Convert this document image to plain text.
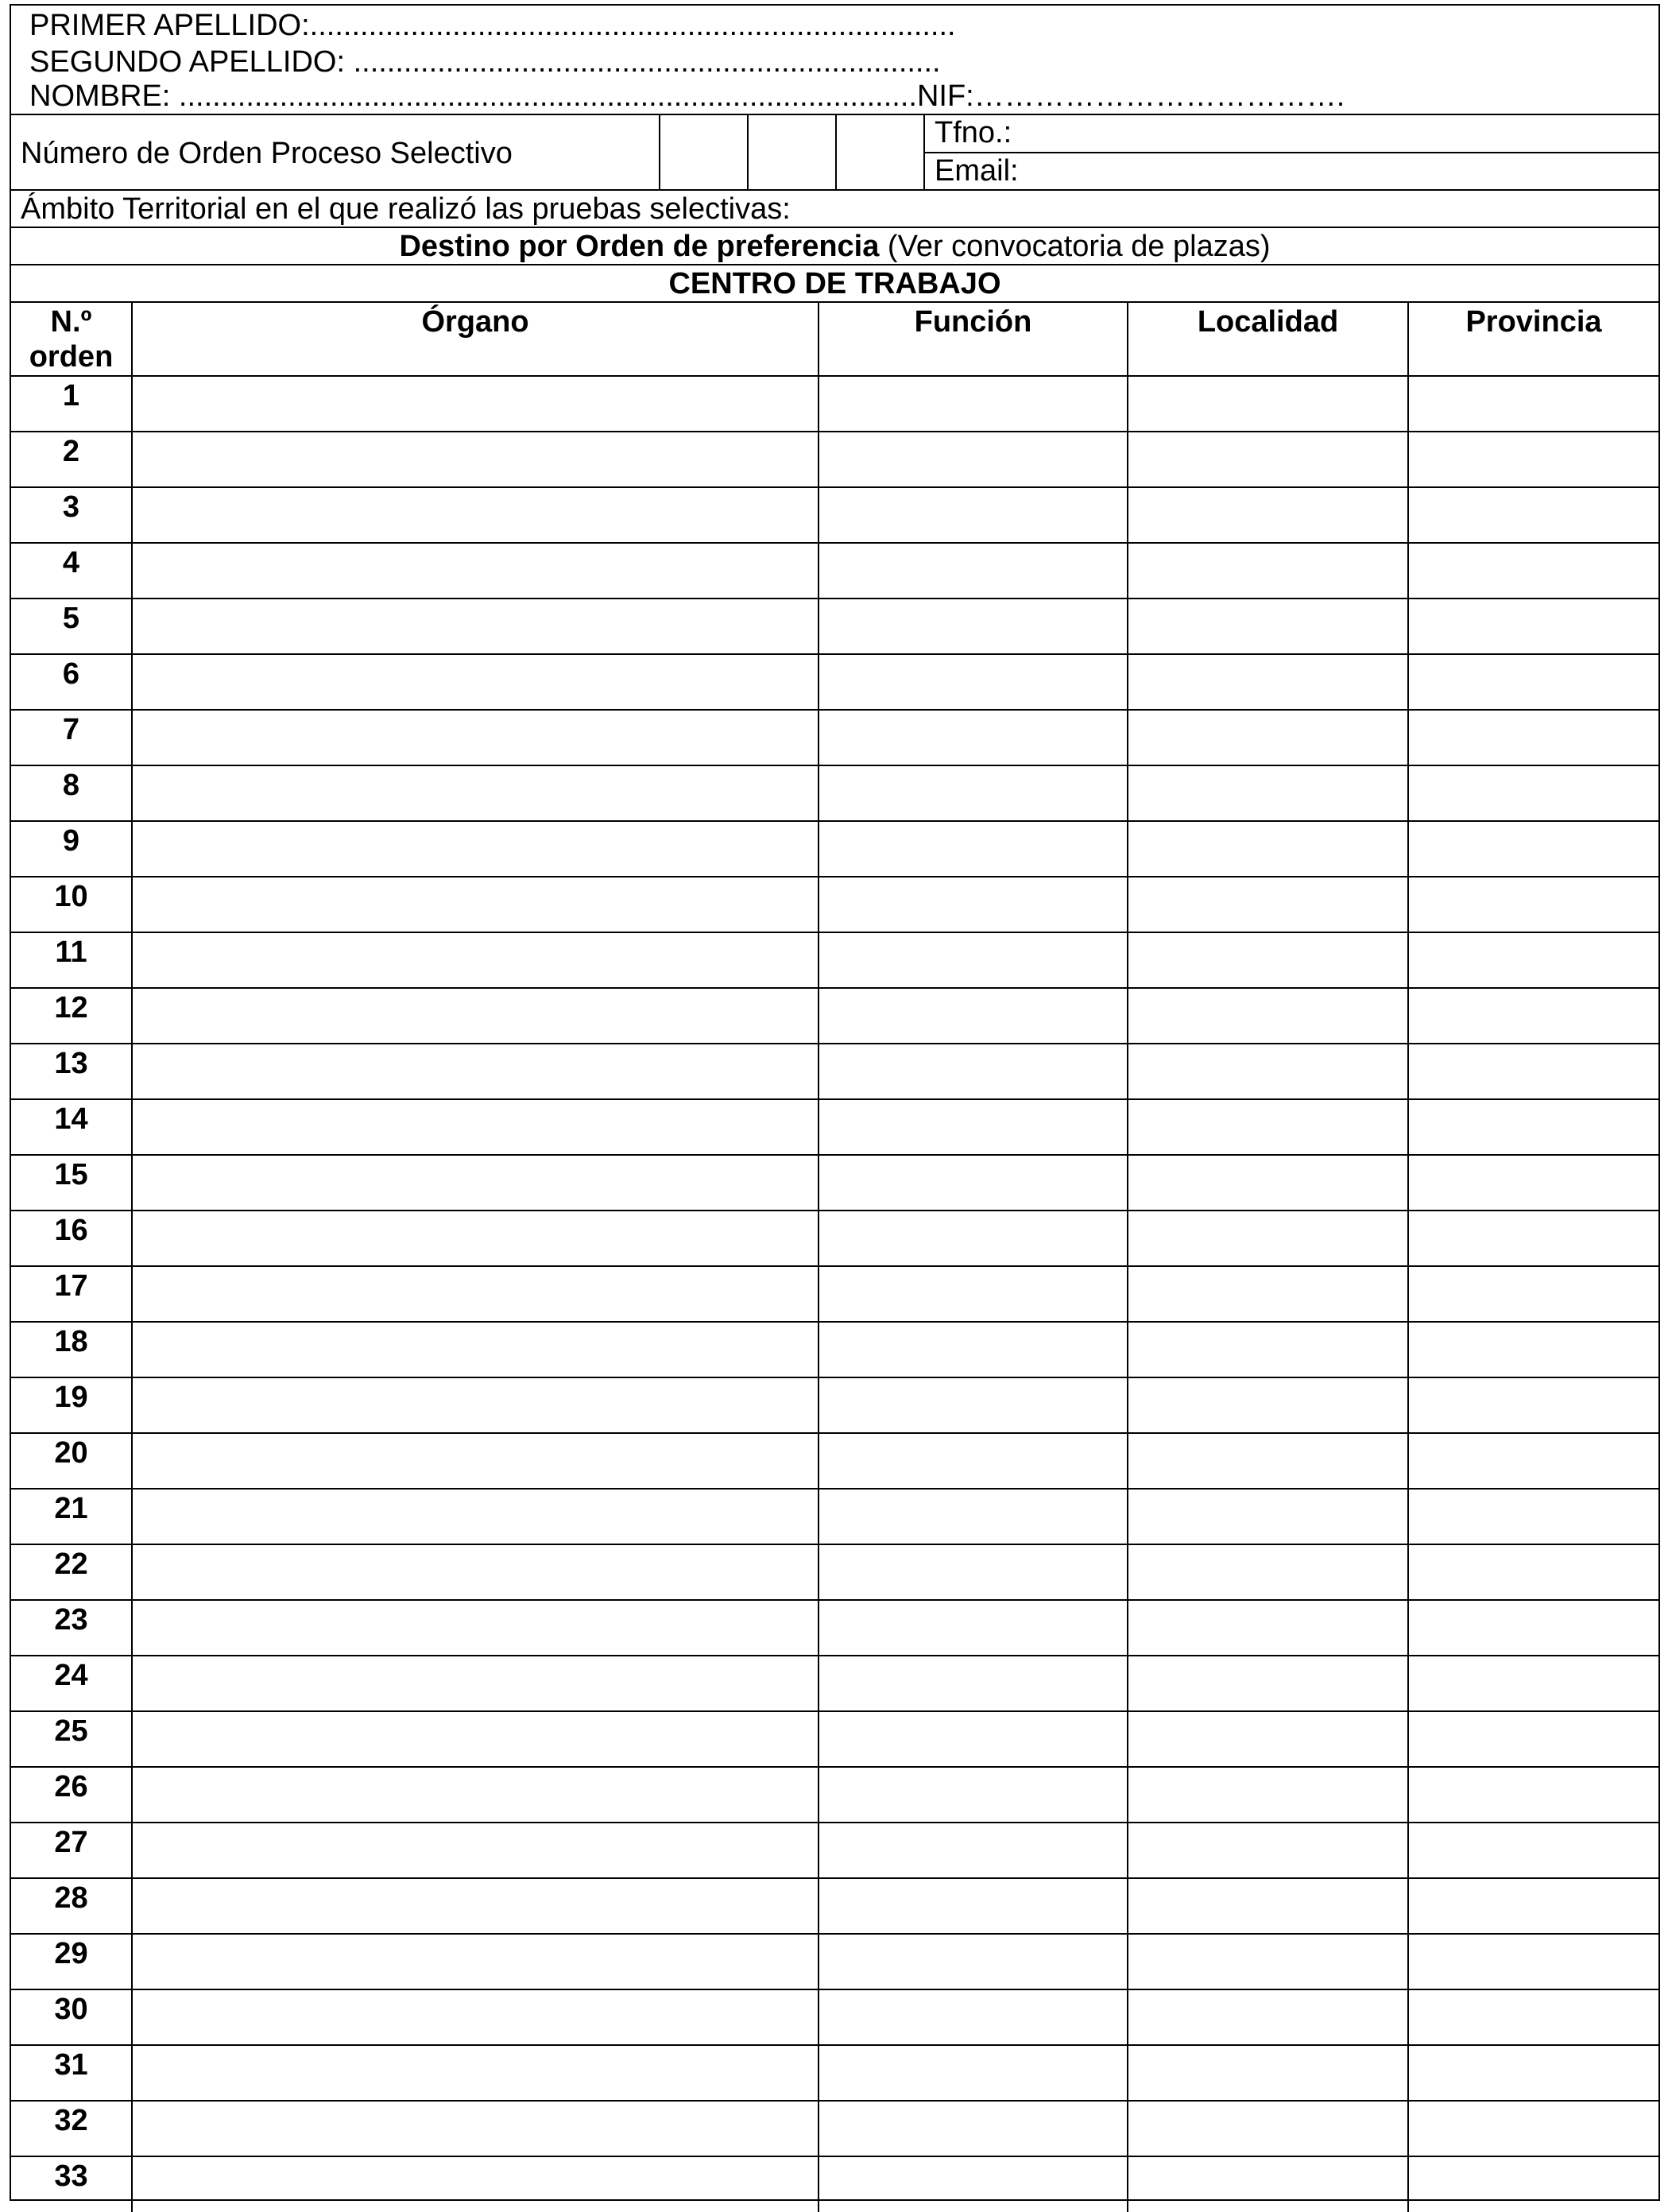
PRIMER APELLIDO:.............................................................................
SEGUNDO APELLIDO: ......................................................................
NOMBRE: ........................................................................................NIF:……………………………….
Número de Orden Proceso Selectivo
Tfno.:
Email:
Ámbito Territorial en el que realizó las pruebas selectivas:
Destino por Orden de preferencia (Ver convocatoria de plazas)
CENTRO DE TRABAJO
N.º
orden	Órgano	Función	Localidad	Provincia
1				
2				
3				
4				
5				
6				
7				
8				
9				
10				
11				
12				
13				
14				
15				
16				
17				
18				
19				
20				
21				
22				
23				
24				
25				
26				
27				
28				
29				
30				
31				
32				
33				
